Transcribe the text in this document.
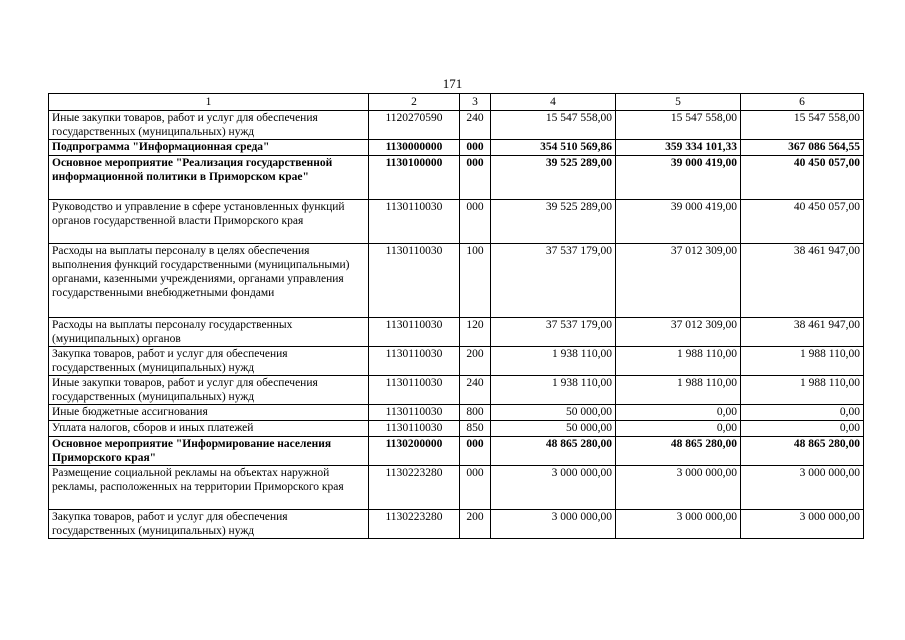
171
1	2	3	4	5	6
Иные закупки товаров, работ и услуг для обеспечения государственных (муниципальных) нужд	1120270590	240	15 547 558,00	15 547 558,00	15 547 558,00
Подпрограмма "Информационная среда"	1130000000	000	354 510 569,86	359 334 101,33	367 086 564,55
Основное мероприятие "Реализация государственной информационной политики в Приморском крае"	1130100000	000	39 525 289,00	39 000 419,00	40 450 057,00
Руководство и управление в сфере установленных функций органов государственной власти Приморского края	1130110030	000	39 525 289,00	39 000 419,00	40 450 057,00
Расходы на выплаты персоналу в целях обеспечения выполнения функций государственными (муниципальными) органами, казенными учреждениями, органами управления государственными внебюджетными фондами	1130110030	100	37 537 179,00	37 012 309,00	38 461 947,00
Расходы на выплаты персоналу государственных (муниципальных) органов	1130110030	120	37 537 179,00	37 012 309,00	38 461 947,00
Закупка товаров, работ и услуг для обеспечения государственных (муниципальных) нужд	1130110030	200	1 938 110,00	1 988 110,00	1 988 110,00
Иные закупки товаров, работ и услуг для обеспечения государственных (муниципальных) нужд	1130110030	240	1 938 110,00	1 988 110,00	1 988 110,00
Иные бюджетные ассигнования	1130110030	800	50 000,00	0,00	0,00
Уплата налогов, сборов и иных платежей	1130110030	850	50 000,00	0,00	0,00
Основное мероприятие "Информирование населения Приморского края"	1130200000	000	48 865 280,00	48 865 280,00	48 865 280,00
Размещение социальной рекламы на объектах наружной рекламы, расположенных на территории Приморского края	1130223280	000	3 000 000,00	3 000 000,00	3 000 000,00
Закупка товаров, работ и услуг для обеспечения государственных (муниципальных) нужд	1130223280	200	3 000 000,00	3 000 000,00	3 000 000,00
